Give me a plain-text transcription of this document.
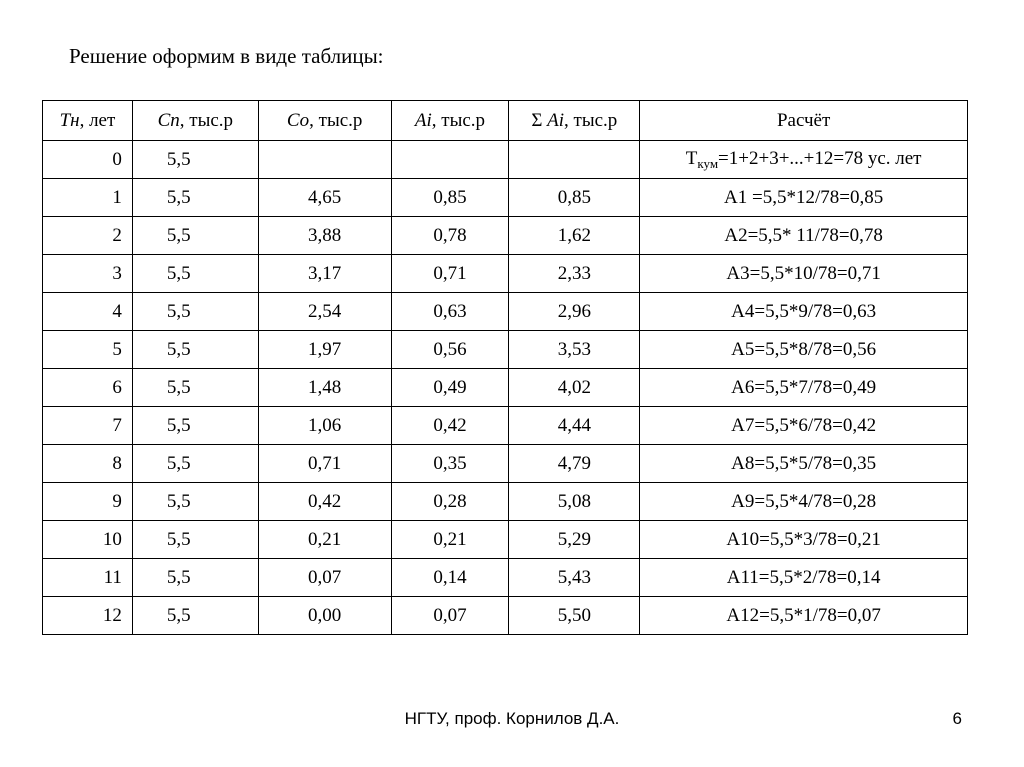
Решение оформим в виде таблицы:
Тн, лет	Сп, тыс.р	Со, тыс.р	Ai, тыс.р	Σ Ai, тыс.р	Расчёт
0	5,5				$Т_{кум}=1+2+3+...+12=78$ ус. лет
1	5,5	4,65	0,85	0,85	А1 =5,5*12/78=0,85
2	5,5	3,88	0,78	1,62	А2=5,5* 11/78=0,78
3	5,5	3,17	0,71	2,33	А3=5,5*10/78=0,71
4	5,5	2,54	0,63	2,96	А4=5,5*9/78=0,63
5	5,5	1,97	0,56	3,53	А5=5,5*8/78=0,56
6	5,5	1,48	0,49	4,02	А6=5,5*7/78=0,49
7	5,5	1,06	0,42	4,44	А7=5,5*6/78=0,42
8	5,5	0,71	0,35	4,79	А8=5,5*5/78=0,35
9	5,5	0,42	0,28	5,08	А9=5,5*4/78=0,28
10	5,5	0,21	0,21	5,29	А10=5,5*3/78=0,21
11	5,5	0,07	0,14	5,43	А11=5,5*2/78=0,14
12	5,5	0,00	0,07	5,50	А12=5,5*1/78=0,07
НГТУ, проф. Корнилов Д.А.	6
